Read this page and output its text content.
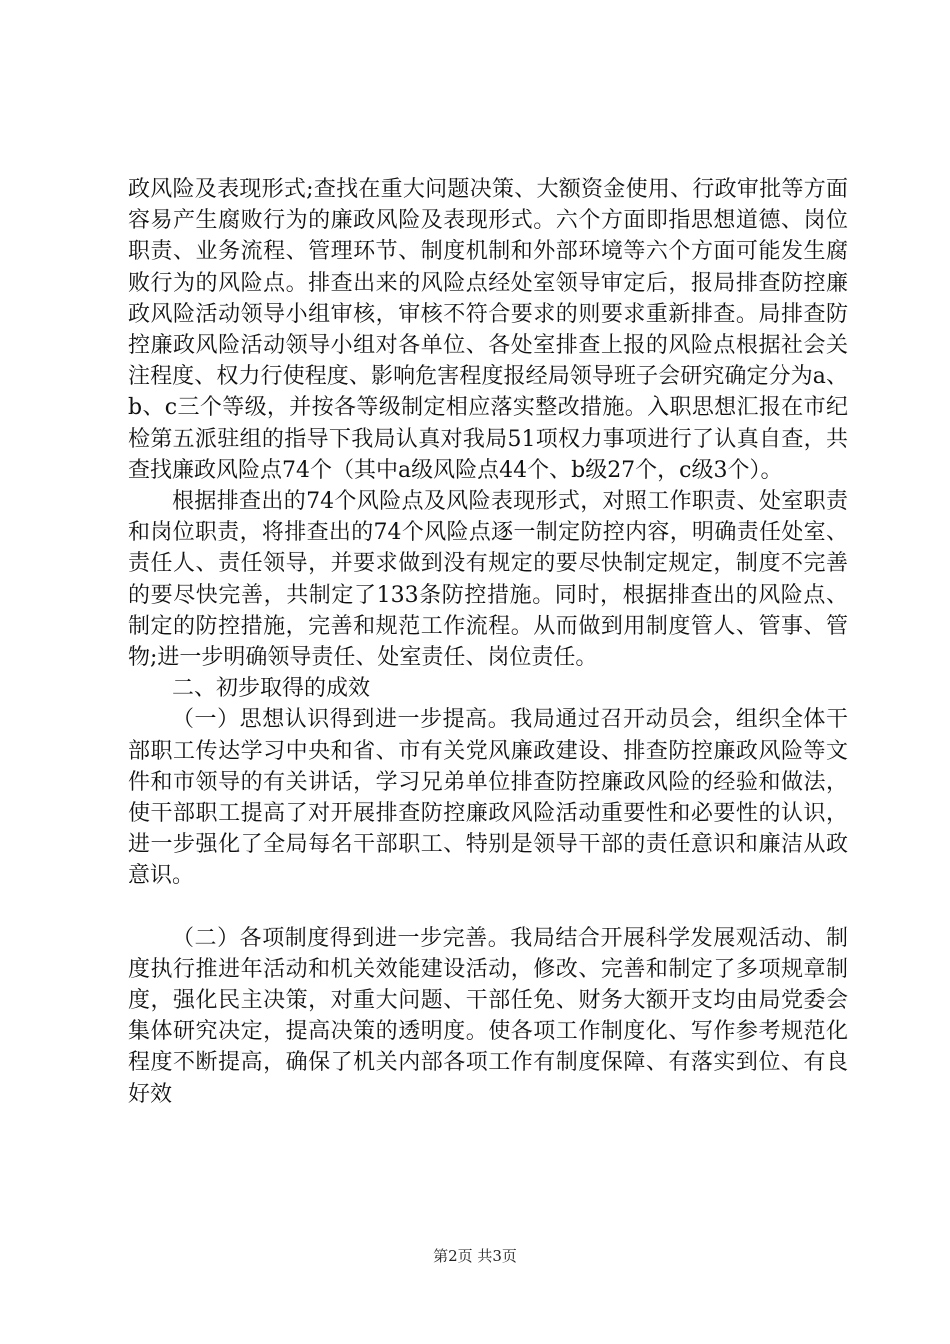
政风险及表现形式;查找在重大问题决策、大额资金使用、行政审批等方面容易产生腐败行为的廉政风险及表现形式。六个方面即指思想道德、岗位职责、业务流程、管理环节、制度机制和外部环境等六个方面可能发生腐败行为的风险点。排查出来的风险点经处室领导审定后，报局排查防控廉政风险活动领导小组审核，审核不符合要求的则要求重新排查。局排查防控廉政风险活动领导小组对各单位、各处室排查上报的风险点根据社会关注程度、权力行使程度、影响危害程度报经局领导班子会研究确定分为a、b、c三个等级，并按各等级制定相应落实整改措施。入职思想汇报在市纪检第五派驻组的指导下我局认真对我局51项权力事项进行了认真自查，共查找廉政风险点74个（其中a级风险点44个、b级27个，c级3个）。

根据排查出的74个风险点及风险表现形式，对照工作职责、处室职责和岗位职责，将排查出的74个风险点逐一制定防控内容，明确责任处室、责任人、责任领导，并要求做到没有规定的要尽快制定规定，制度不完善的要尽快完善，共制定了133条防控措施。同时，根据排查出的风险点、制定的防控措施，完善和规范工作流程。从而做到用制度管人、管事、管物;进一步明确领导责任、处室责任、岗位责任。

二、初步取得的成效

（一）思想认识得到进一步提高。我局通过召开动员会，组织全体干部职工传达学习中央和省、市有关党风廉政建设、排查防控廉政风险等文件和市领导的有关讲话，学习兄弟单位排查防控廉政风险的经验和做法，使干部职工提高了对开展排查防控廉政风险活动重要性和必要性的认识，进一步强化了全局每名干部职工、特别是领导干部的责任意识和廉洁从政意识。

（二）各项制度得到进一步完善。我局结合开展科学发展观活动、制度执行推进年活动和机关效能建设活动，修改、完善和制定了多项规章制度，强化民主决策，对重大问题、干部任免、财务大额开支均由局党委会集体研究决定，提高决策的透明度。使各项工作制度化、写作参考规范化程度不断提高，确保了机关内部各项工作有制度保障、有落实到位、有良好效

第2页 共3页
